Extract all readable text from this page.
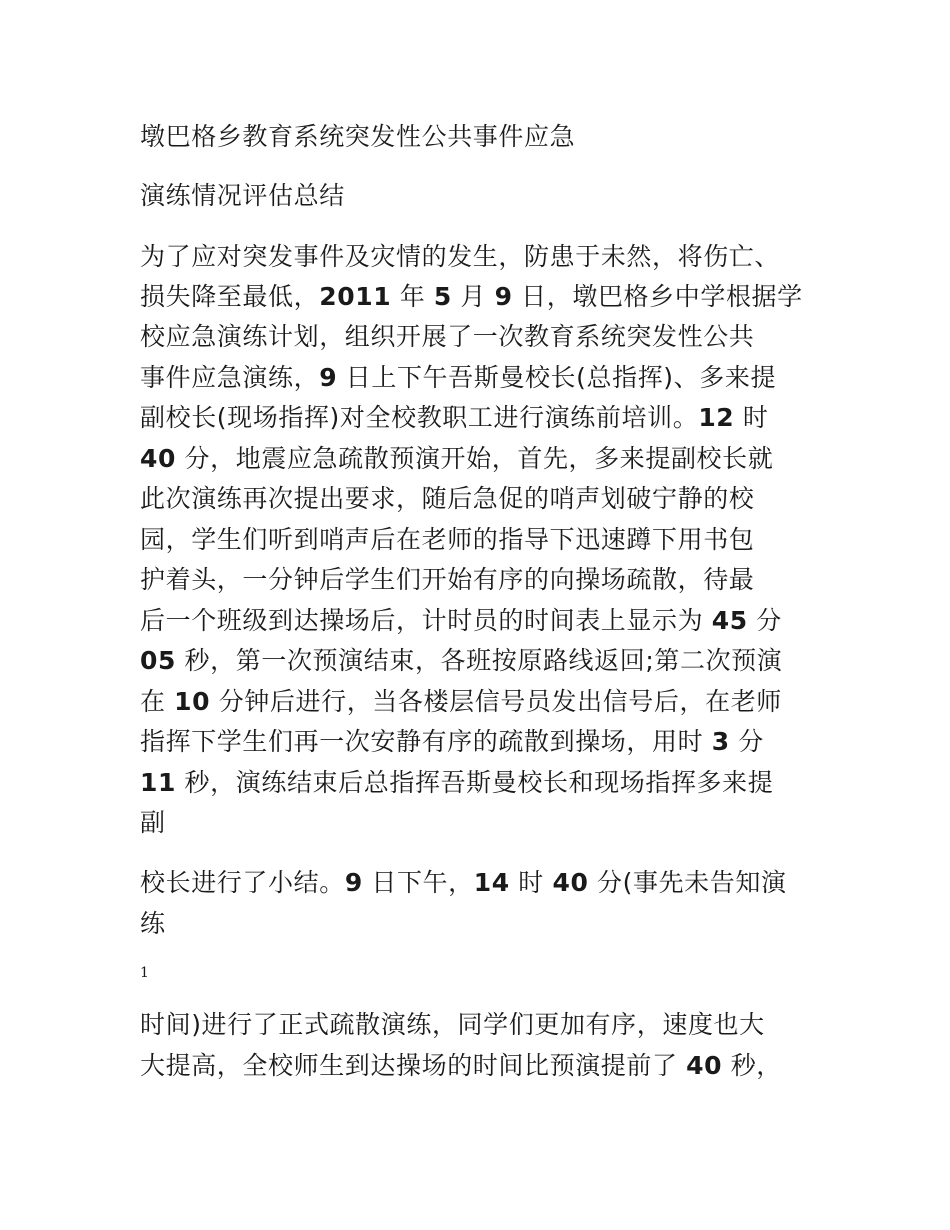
墩巴格乡教育系统突发性公共事件应急
演练情况评估总结
为了应对突发事件及灾情的发生，防患于未然，将伤亡、
损失降至最低，2011 年 5 月 9 日，墩巴格乡中学根据学
校应急演练计划，组织开展了一次教育系统突发性公共
事件应急演练，9 日上下午吾斯曼校长(总指挥)、多来提
副校长(现场指挥)对全校教职工进行演练前培训。12 时
40 分，地震应急疏散预演开始，首先，多来提副校长就
此次演练再次提出要求，随后急促的哨声划破宁静的校
园，学生们听到哨声后在老师的指导下迅速蹲下用书包
护着头，一分钟后学生们开始有序的向操场疏散，待最
后一个班级到达操场后，计时员的时间表上显示为 45 分
05 秒，第一次预演结束，各班按原路线返回;第二次预演
在 10 分钟后进行，当各楼层信号员发出信号后，在老师
指挥下学生们再一次安静有序的疏散到操场，用时 3 分
11 秒，演练结束后总指挥吾斯曼校长和现场指挥多来提
副
校长进行了小结。9 日下午，14 时 40 分(事先未告知演
练
1
时间)进行了正式疏散演练，同学们更加有序，速度也大
大提高，全校师生到达操场的时间比预演提前了 40 秒，
